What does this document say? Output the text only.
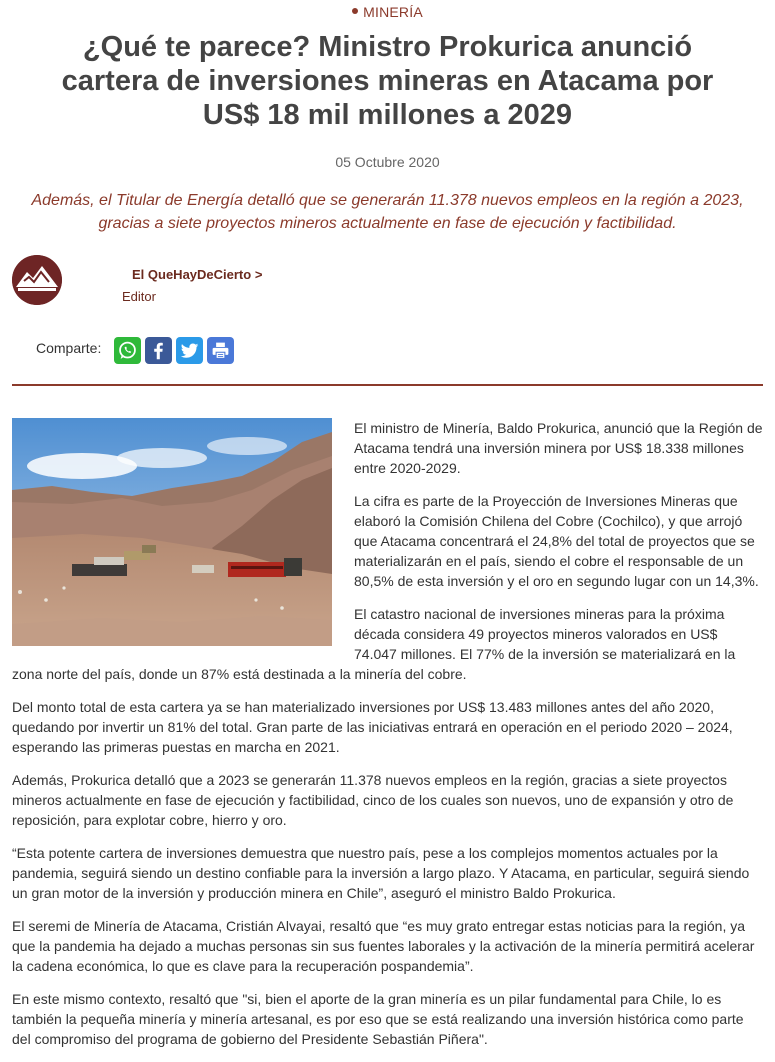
MINERÍA
¿Qué te parece? Ministro Prokurica anunció cartera de inversiones mineras en Atacama por US$ 18 mil millones a 2029
05 Octubre 2020

Además, el Titular de Energía detalló que se generarán 11.378 nuevos empleos en la región a 2023, gracias a siete proyectos mineros actualmente en fase de ejecución y factibilidad.

El QueHayDeCierto >
Editor
Comparte:

El ministro de Minería, Baldo Prokurica, anunció que la Región de Atacama tendrá una inversión minera por US$ 18.338 millones entre 2020-2029.

La cifra es parte de la Proyección de Inversiones Mineras que elaboró la Comisión Chilena del Cobre (Cochilco), y que arrojó que Atacama concentrará el 24,8% del total de proyectos que se materializarán en el país, siendo el cobre el responsable de un 80,5% de esta inversión y el oro en segundo lugar con un 14,3%.

El catastro nacional de inversiones mineras para la próxima década considera 49 proyectos mineros valorados en US$ 74.047 millones. El 77% de la inversión se materializará en la zona norte del país, donde un 87% está destinada a la minería del cobre.

Del monto total de esta cartera ya se han materializado inversiones por US$ 13.483 millones antes del año 2020, quedando por invertir un 81% del total. Gran parte de las iniciativas entrará en operación en el periodo 2020 – 2024, esperando las primeras puestas en marcha en 2021.

Además, Prokurica detalló que a 2023 se generarán 11.378 nuevos empleos en la región, gracias a siete proyectos mineros actualmente en fase de ejecución y factibilidad, cinco de los cuales son nuevos, uno de expansión y otro de reposición, para explotar cobre, hierro y oro.

“Esta potente cartera de inversiones demuestra que nuestro país, pese a los complejos momentos actuales por la pandemia, seguirá siendo un destino confiable para la inversión a largo plazo. Y Atacama, en particular, seguirá siendo un gran motor de la inversión y producción minera en Chile”, aseguró el ministro Baldo Prokurica.

El seremi de Minería de Atacama, Cristián Alvayai, resaltó que “es muy grato entregar estas noticias para la región, ya que la pandemia ha dejado a muchas personas sin sus fuentes laborales y la activación de la minería permitirá acelerar la cadena económica, lo que es clave para la recuperación pospandemia”.

En este mismo contexto, resaltó que "si, bien el aporte de la gran minería es un pilar fundamental para Chile, lo es también la pequeña minería y minería artesanal, es por eso que se está realizando una inversión histórica como parte del compromiso del programa de gobierno del Presidente Sebastián Piñera".
